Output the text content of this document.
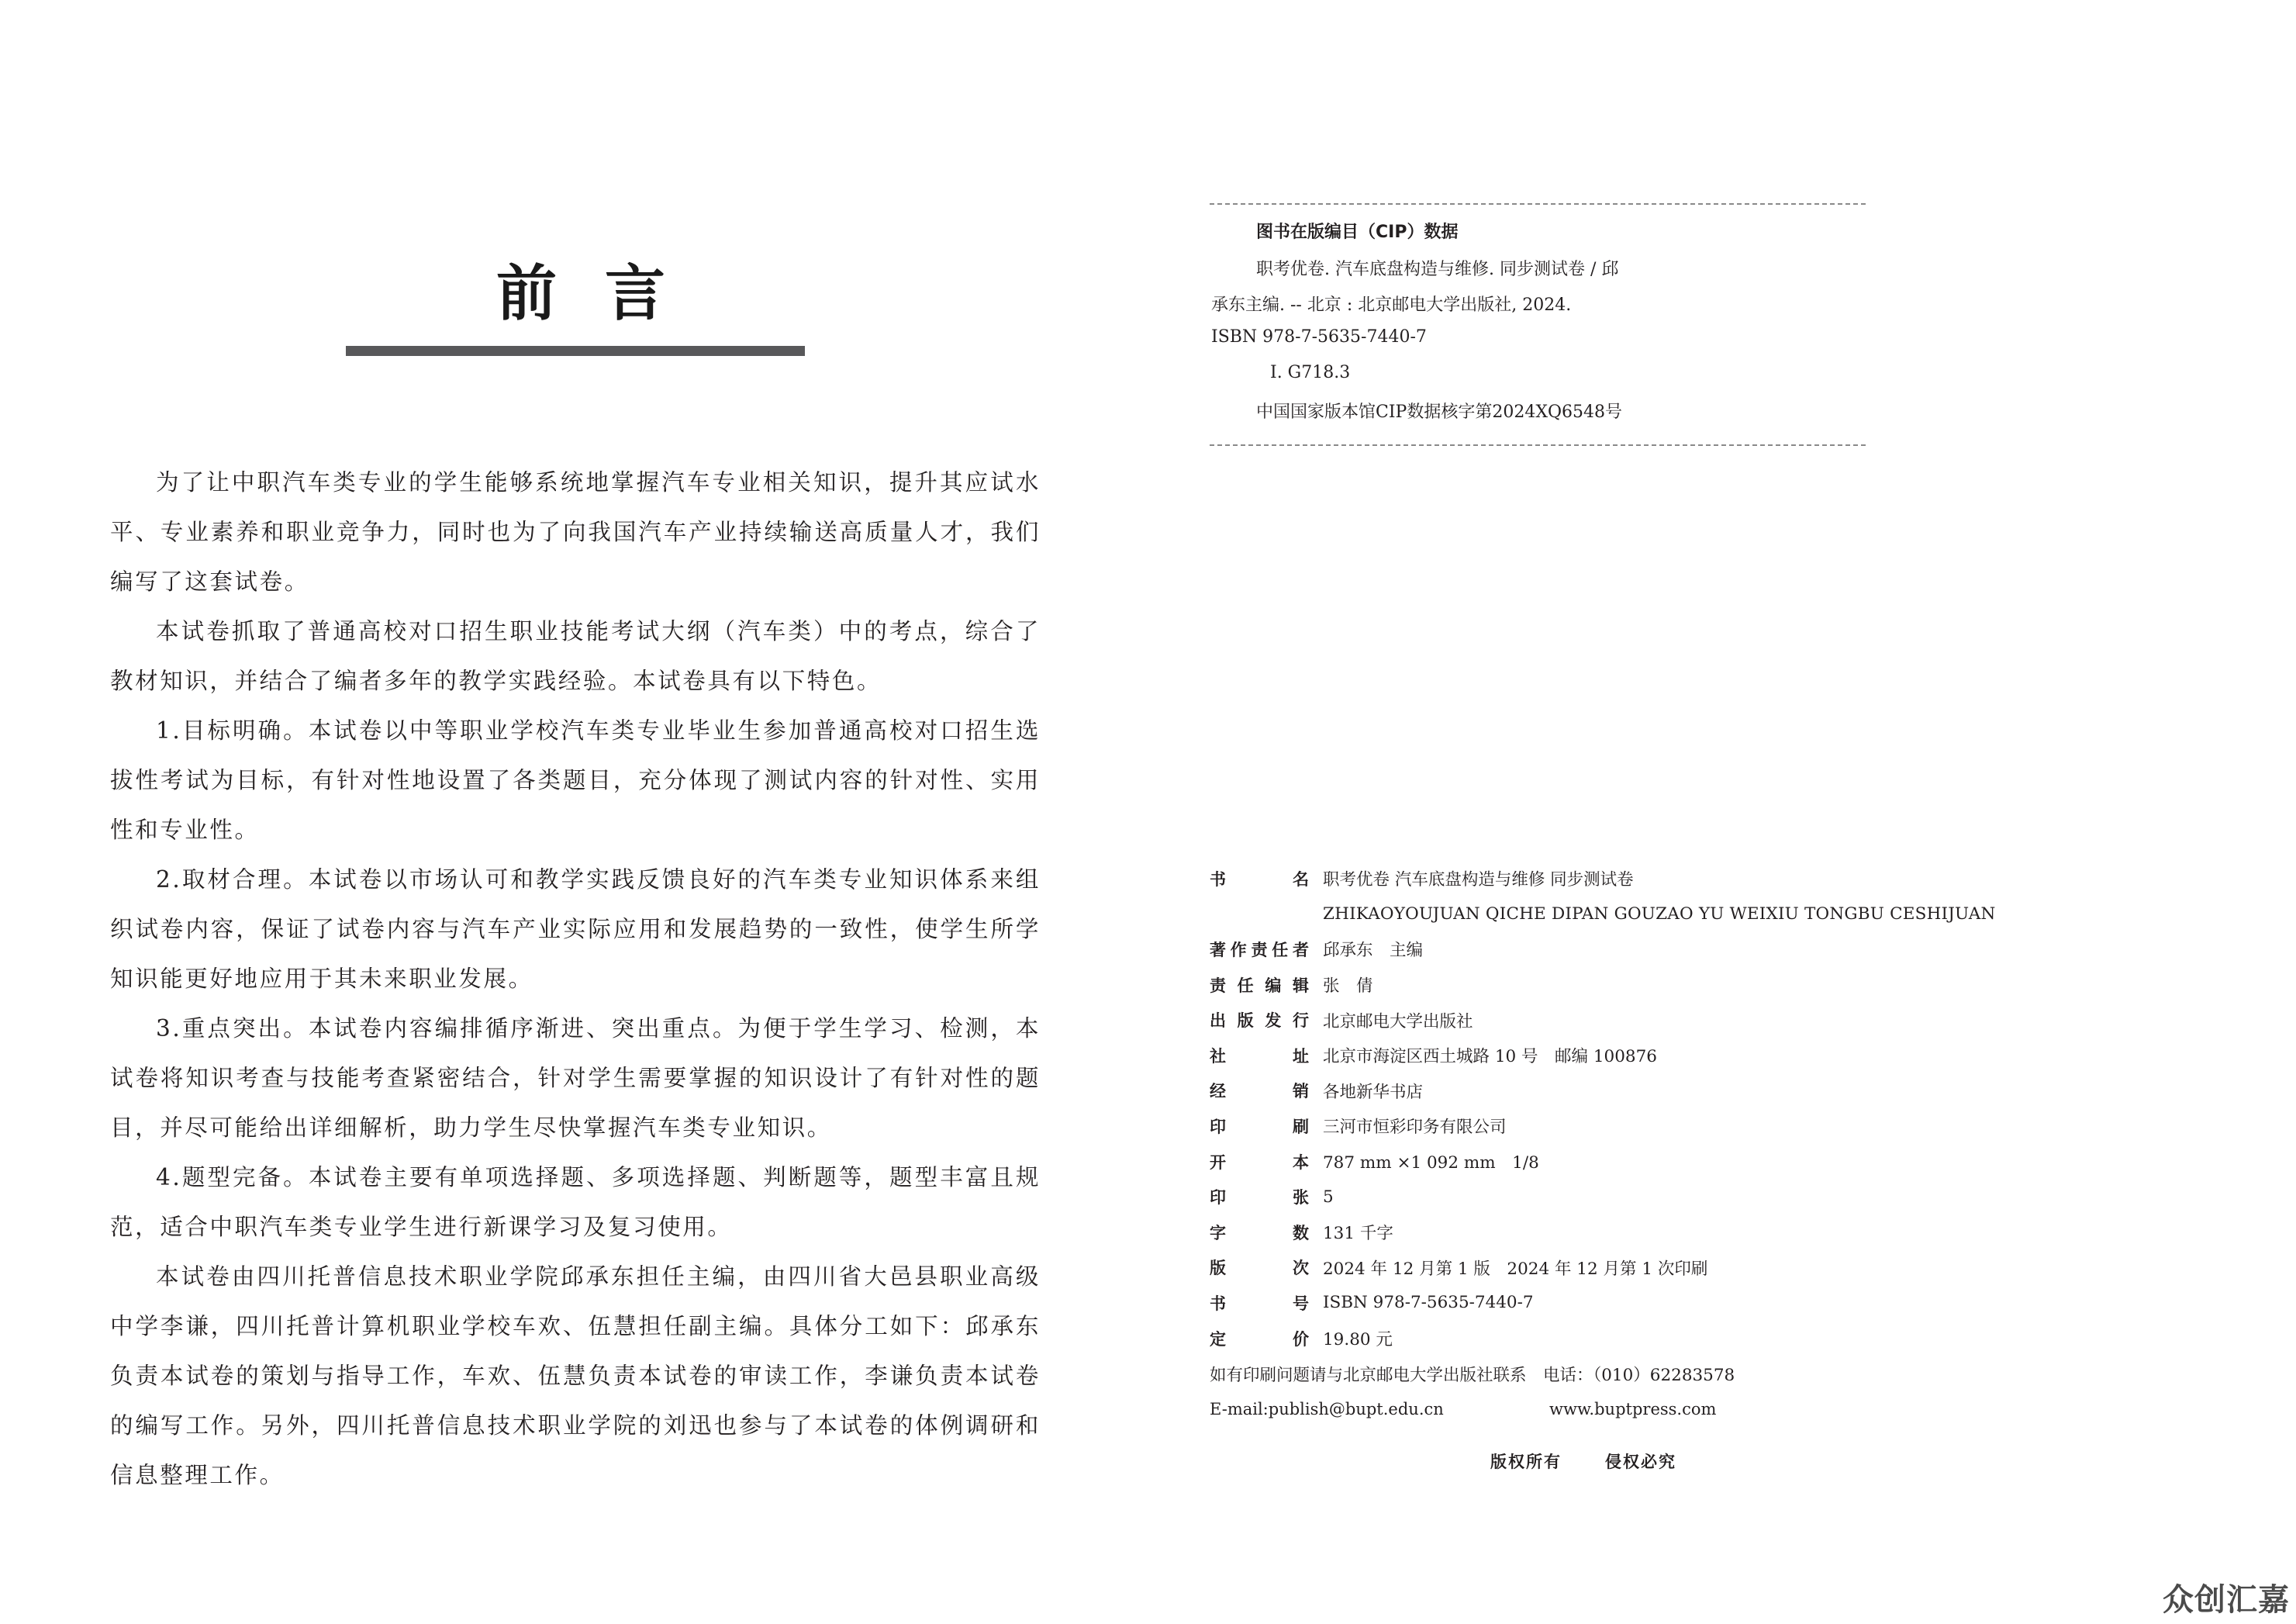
前言

为了让中职汽车类专业的学生能够系统地掌握汽车专业相关知识，提升其应试水平、专业素养和职业竞争力，同时也为了向我国汽车产业持续输送高质量人才，我们编写了这套试卷。

本试卷抓取了普通高校对口招生职业技能考试大纲（汽车类）中的考点，综合了教材知识，并结合了编者多年的教学实践经验。本试卷具有以下特色。

1.目标明确。本试卷以中等职业学校汽车类专业毕业生参加普通高校对口招生选拔性考试为目标，有针对性地设置了各类题目，充分体现了测试内容的针对性、实用性和专业性。

2.取材合理。本试卷以市场认可和教学实践反馈良好的汽车类专业知识体系来组织试卷内容，保证了试卷内容与汽车产业实际应用和发展趋势的一致性，使学生所学知识能更好地应用于其未来职业发展。

3.重点突出。本试卷内容编排循序渐进、突出重点。为便于学生学习、检测，本试卷将知识考查与技能考查紧密结合，针对学生需要掌握的知识设计了有针对性的题目，并尽可能给出详细解析，助力学生尽快掌握汽车类专业知识。

4.题型完备。本试卷主要有单项选择题、多项选择题、判断题等，题型丰富且规范，适合中职汽车类专业学生进行新课学习及复习使用。

本试卷由四川托普信息技术职业学院邱承东担任主编，由四川省大邑县职业高级中学李谦，四川托普计算机职业学校车欢、伍慧担任副主编。具体分工如下：邱承东负责本试卷的策划与指导工作，车欢、伍慧负责本试卷的审读工作，李谦负责本试卷的编写工作。另外，四川托普信息技术职业学院的刘迅也参与了本试卷的体例调研和信息整理工作。

图书在版编目（CIP）数据
职考优卷. 汽车底盘构造与维修. 同步测试卷 / 邱
承东主编. -- 北京 : 北京邮电大学出版社, 2024.
ISBN 978-7-5635-7440-7
Ⅰ. G718.3
中国国家版本馆CIP数据核字第2024XQ6548号
书	名 职考优卷 汽车底盘构造与维修 同步测试卷
ZHIKAOYOUJUAN QICHE DIPAN GOUZAO YU WEIXIU TONGBU CESHIJUAN
著 作 责 任 者 邱承东　主编
责 任 编 辑 张　倩
出 版 发 行 北京邮电大学出版社
社	址 北京市海淀区西土城路 10 号　邮编 100876
经	销 各地新华书店
印	刷 三河市恒彩印务有限公司
开	本 787 mm ×1 092 mm　1/8
印	张 5
字	数 131 千字
版	次 2024 年 12 月第 1 版　2024 年 12 月第 1 次印刷
书	号 ISBN 978-7-5635-7440-7
定	价 19.80 元
如有印刷问题请与北京邮电大学出版社联系　电话：（010）62283578
E-mail:publish@bupt.edu.cn	www.buptpress.com
版权所有	侵权必究
众创汇嘉
